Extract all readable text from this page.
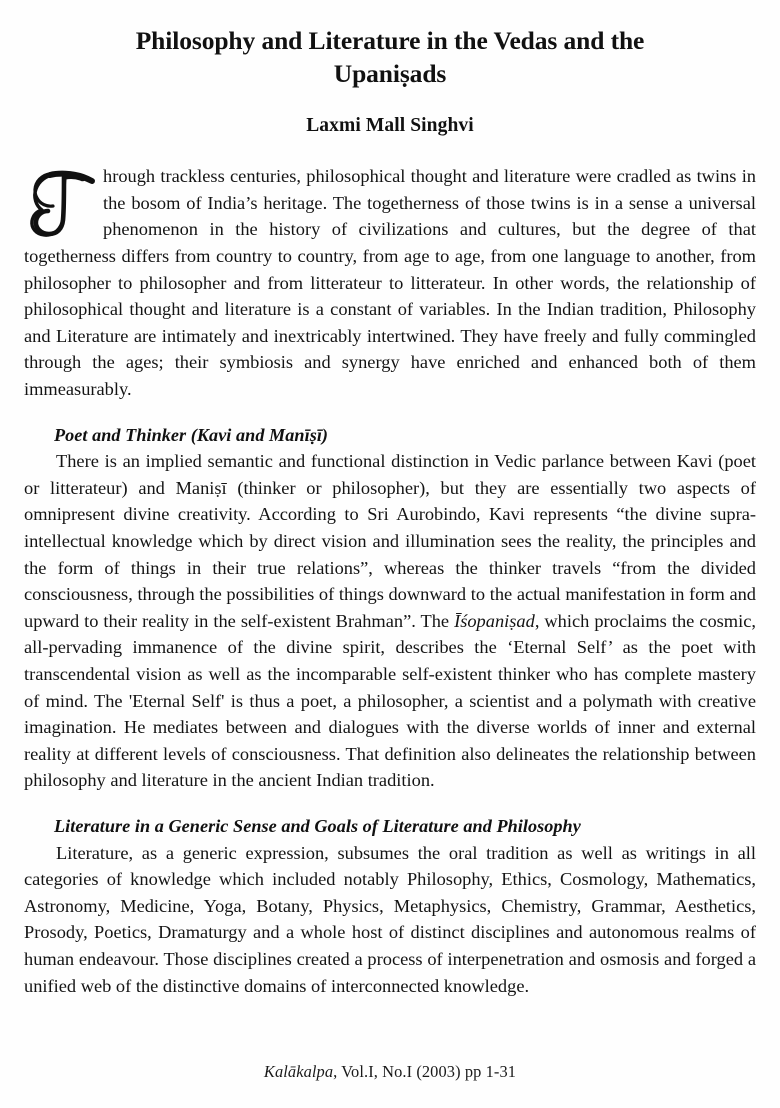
Philosophy and Literature in the Vedas and the
Upaniṣads
Laxmi Mall Singhvi

hrough trackless centuries, philosophical thought and literature were cradled as twins in the bosom of India’s heritage. The togetherness of those twins is in a sense a universal phenomenon in the history of civilizations and cultures, but the degree of that togetherness differs from country to country, from age to age, from one language to another, from philosopher to philosopher and from litterateur to litterateur. In other words, the relationship of philosophical thought and literature is a constant of variables. In the Indian tradition, Philosophy and Literature are intimately and inextricably intertwined. They have freely and fully commingled through the ages; their symbiosis and synergy have enriched and enhanced both of them immeasurably.

Poet and Thinker (Kavi and Manīṣī)

There is an implied semantic and functional distinction in Vedic parlance between Kavi (poet or litterateur) and Maniṣī (thinker or philosopher), but they are essentially two aspects of omnipresent divine creativity. According to Sri Aurobindo, Kavi represents “the divine supra-intellectual knowledge which by direct vision and illumination sees the reality, the principles and the form of things in their true relations”, whereas the thinker travels “from the divided consciousness, through the possibilities of things downward to the actual manifestation in form and upward to their reality in the self-existent Brahman”. The Īśopaniṣad, which proclaims the cosmic, all-pervading immanence of the divine spirit, describes the ‘Eternal Self’ as the poet with transcendental vision as well as the incomparable self-existent thinker who has complete mastery of mind. The 'Eternal Self' is thus a poet, a philosopher, a scientist and a polymath with creative imagination. He mediates between and dialogues with the diverse worlds of inner and external reality at different levels of consciousness. That definition also delineates the relationship between philosophy and literature in the ancient Indian tradition.

Literature in a Generic Sense and Goals of Literature and Philosophy

Literature, as a generic expression, subsumes the oral tradition as well as writings in all categories of knowledge which included notably Philosophy, Ethics, Cosmology, Mathematics, Astronomy, Medicine, Yoga, Botany, Physics, Metaphysics, Chemistry, Grammar, Aesthetics, Prosody, Poetics, Dramaturgy and a whole host of distinct disciplines and autonomous realms of human endeavour. Those disciplines created a process of interpenetration and osmosis and forged a unified web of the distinctive domains of interconnected knowledge.

Kalākalpa, Vol.I, No.I (2003) pp 1-31
